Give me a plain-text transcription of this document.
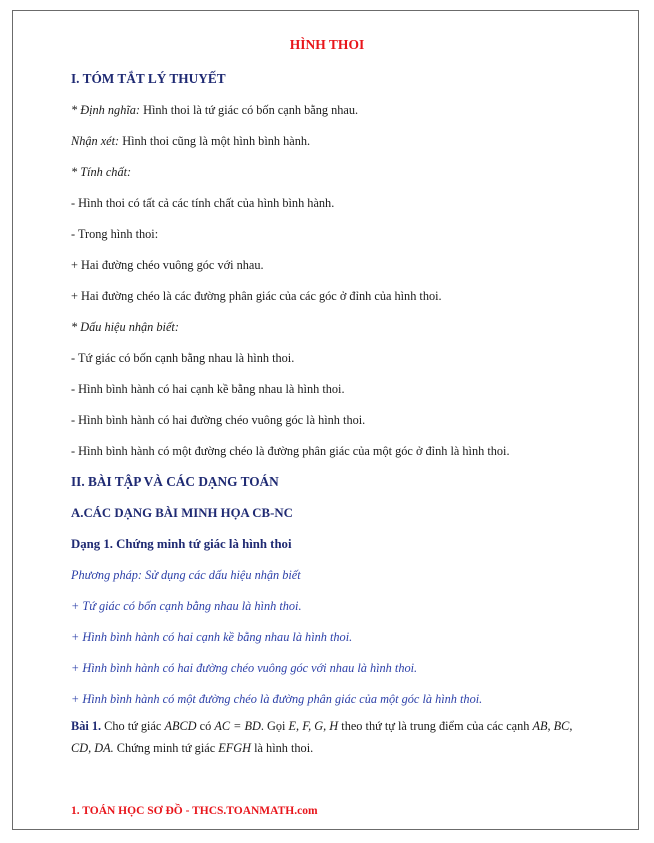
HÌNH THOI
I. TÓM TẮT LÝ THUYẾT
* Định nghĩa: Hình thoi là tứ giác có bốn cạnh bằng nhau.
Nhận xét: Hình thoi cũng là một hình bình hành.
* Tính chất:
- Hình thoi có tất cả các tính chất của hình bình hành.
- Trong hình thoi:
+ Hai đường chéo vuông góc với nhau.
+ Hai đường chéo là các đường phân giác của các góc ở đỉnh của hình thoi.
* Dấu hiệu nhận biết:
- Tứ giác có bốn cạnh bằng nhau là hình thoi.
- Hình bình hành có hai cạnh kề bằng nhau là hình thoi.
- Hình bình hành có hai đường chéo vuông góc là hình thoi.
- Hình bình hành có một đường chéo là đường phân giác của một góc ở đỉnh là hình thoi.
II. BÀI TẬP VÀ CÁC DẠNG TOÁN
A.CÁC DẠNG BÀI MINH HỌA CB-NC
Dạng 1. Chứng minh tứ giác là hình thoi
Phương pháp: Sử dụng các dấu hiệu nhận biết
+ Tứ giác có bốn cạnh bằng nhau là hình thoi.
+ Hình bình hành có hai cạnh kề bằng nhau là hình thoi.
+ Hình bình hành có hai đường chéo vuông góc với nhau là hình thoi.
+ Hình bình hành có một đường chéo là đường phân giác của một góc là hình thoi.
Bài 1. Cho tứ giác ABCD có AC = BD. Gọi E, F, G, H theo thứ tự là trung điểm của các cạnh AB, BC, CD, DA. Chứng minh tứ giác EFGH là hình thoi.
1. TOÁN HỌC SƠ ĐỒ - THCS.TOANMATH.com
